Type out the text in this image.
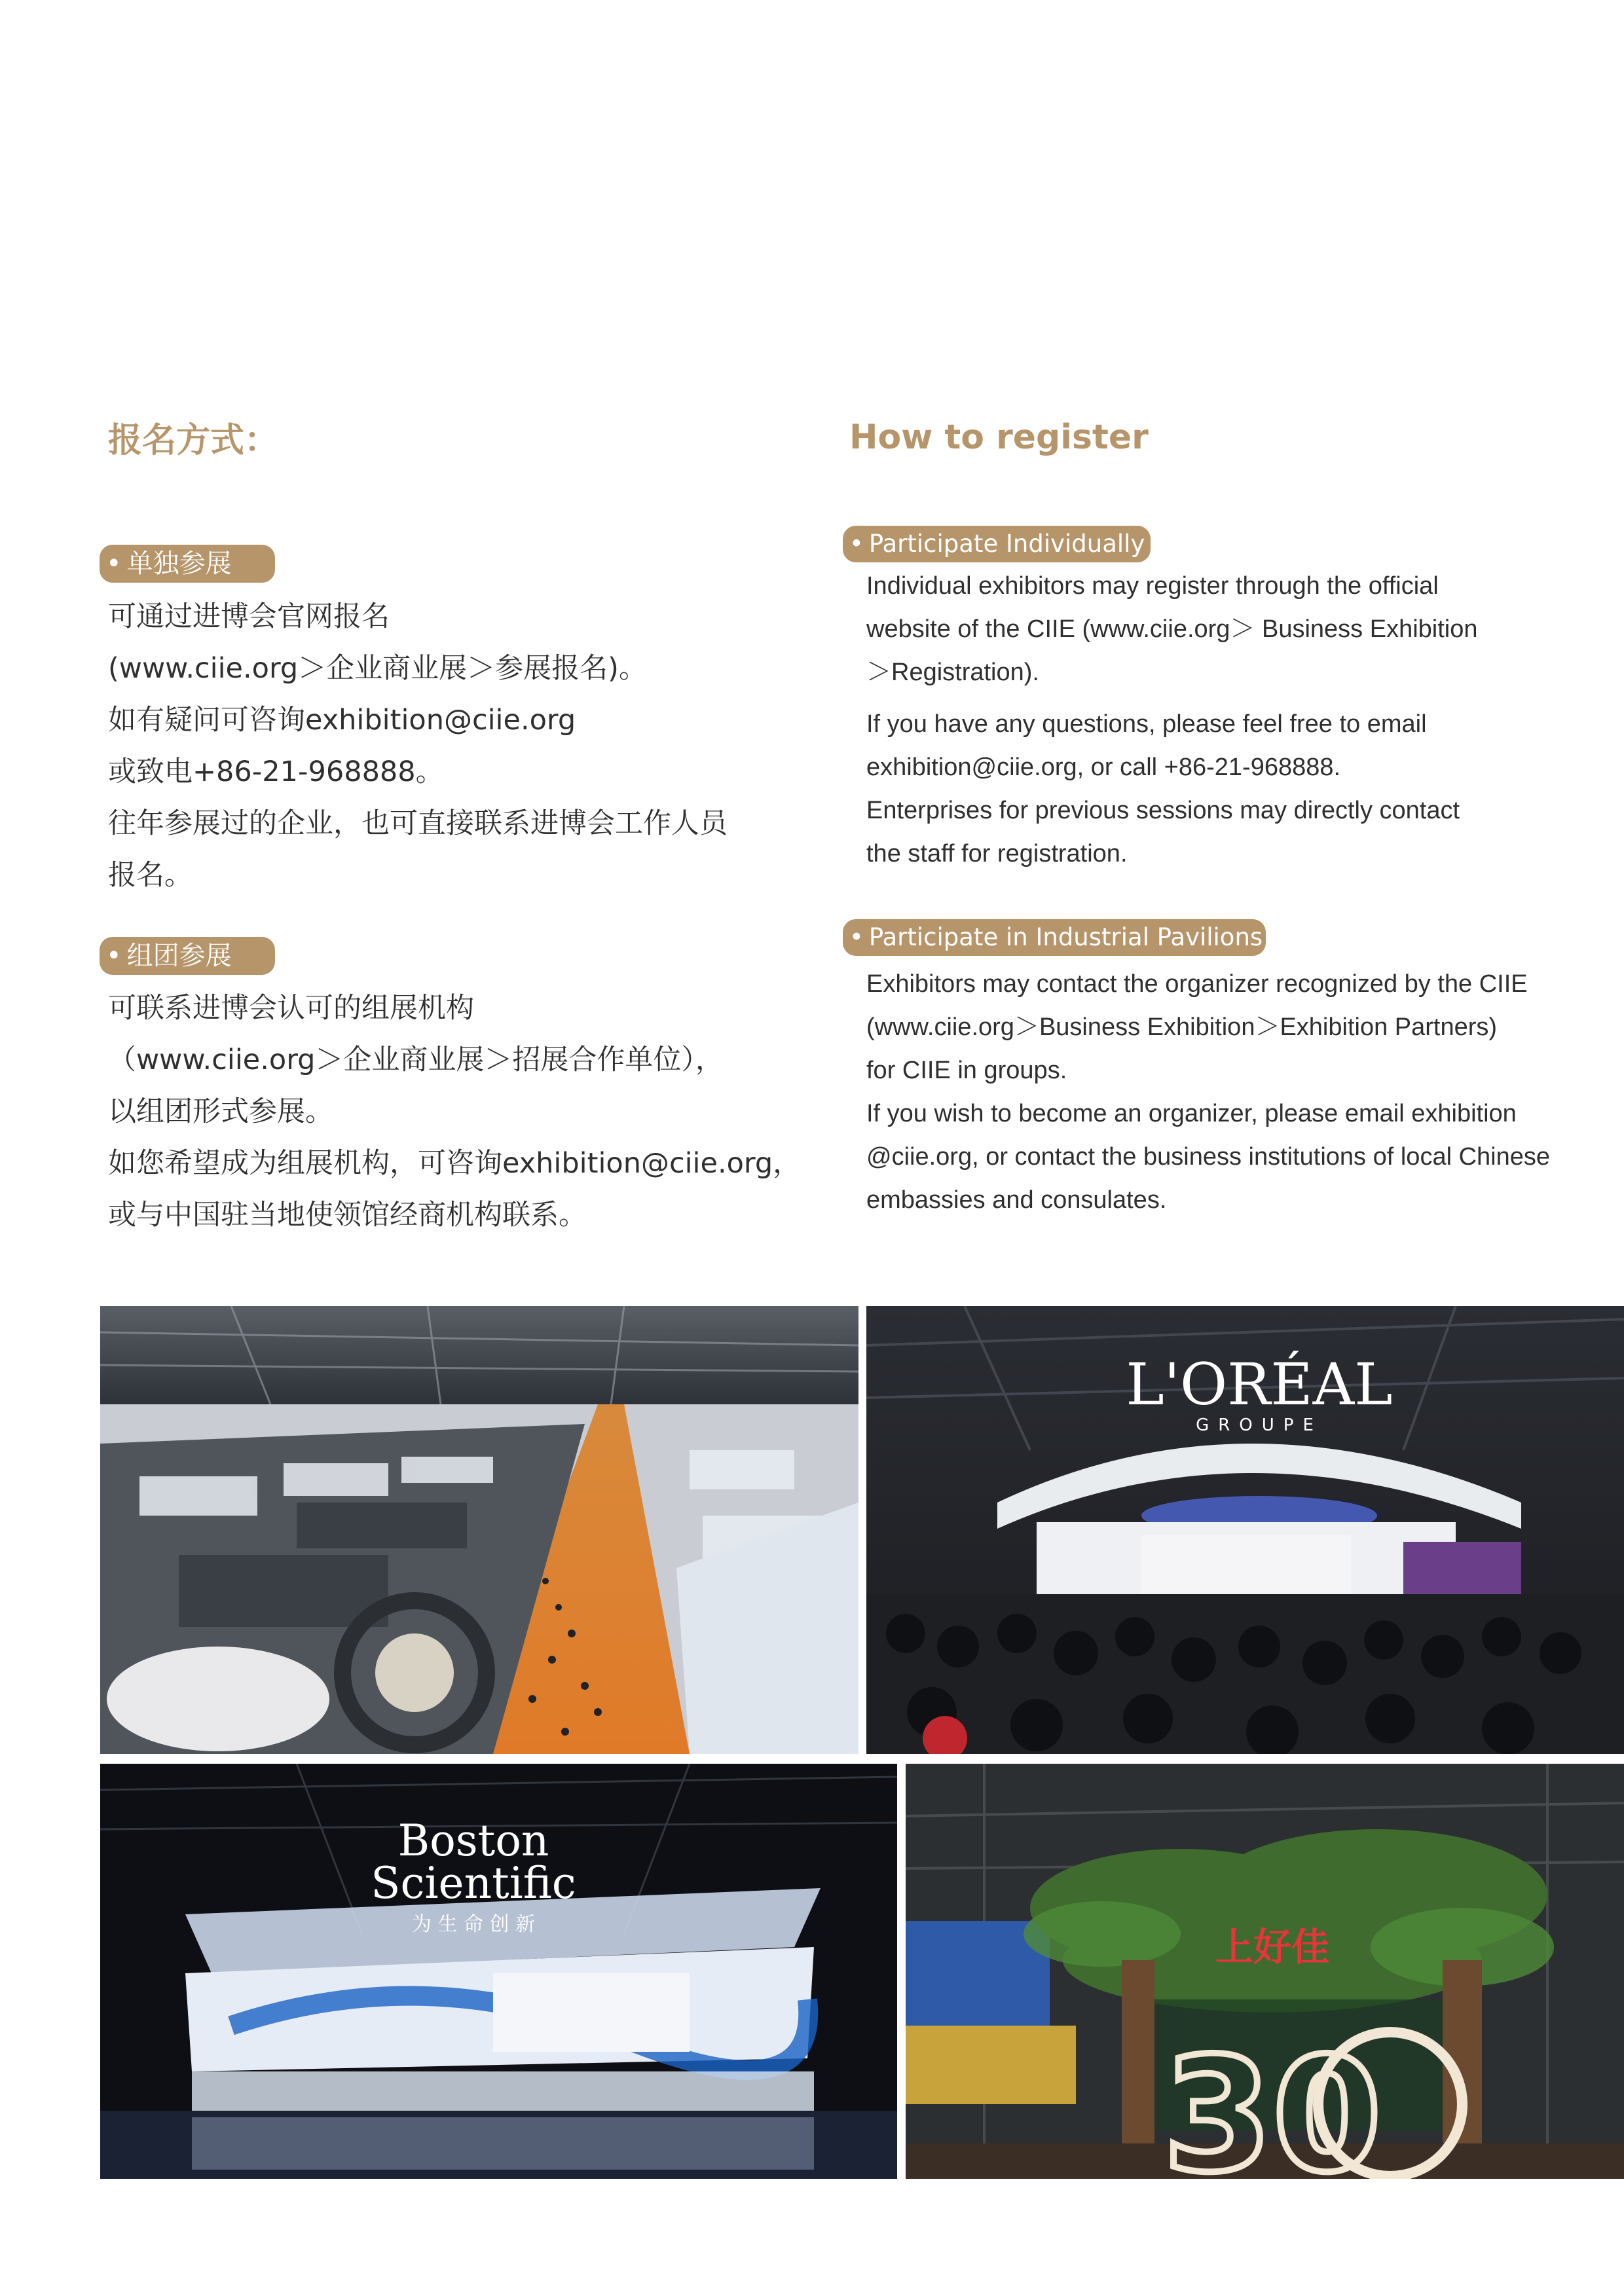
报名方式：	How to register
• 单独参展
可通过进博会官网报名
(www.ciie.org＞企业商业展＞参展报名)。
如有疑问可咨询exhibition@ciie.org
或致电+86-21-968888。
往年参展过的企业，也可直接联系进博会工作人员
报名。
• 组团参展
可联系进博会认可的组展机构
（www.ciie.org＞企业商业展＞招展合作单位），
以组团形式参展。
如您希望成为组展机构，可咨询exhibition@ciie.org，
或与中国驻当地使领馆经商机构联系。
• Participate Individually
Individual exhibitors may register through the official
website of the CIIE (www.ciie.org＞ Business Exhibition
＞Registration).
If you have any questions, please feel free to email
exhibition@ciie.org, or call +86-21-968888.
Enterprises for previous sessions may directly contact
the staff for registration.
• Participate in Industrial Pavilions
Exhibitors may contact the organizer recognized by the CIIE
(www.ciie.org＞Business Exhibition＞Exhibition Partners)
for CIIE in groups.
If you wish to become an organizer, please email exhibition
@ciie.org, or contact the business institutions of local Chinese
embassies and consulates.
L'ORÉAL
GROUPE
Boston
Scientific
为 生 命 创 新
上好佳
30
